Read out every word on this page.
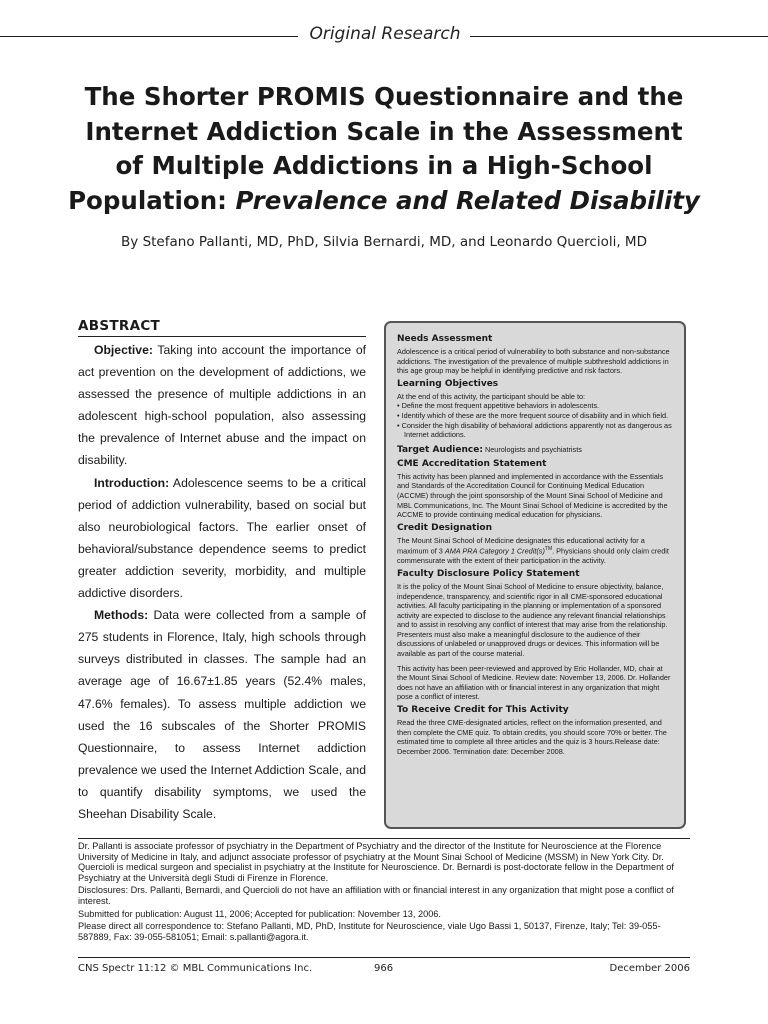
Original Research
The Shorter PROMIS Questionnaire and the
Internet Addiction Scale in the Assessment
of Multiple Addictions in a High-School
Population: Prevalence and Related Disability
By Stefano Pallanti, MD, PhD, Silvia Bernardi, MD, and Leonardo Quercioli, MD
ABSTRACT

Objective: Taking into account the importance of act prevention on the development of addictions, we assessed the presence of multiple addictions in an adolescent high-school population, also assessing the prevalence of Internet abuse and the impact on disability.

Introduction: Adolescence seems to be a critical period of addiction vulnerability, based on social but also neurobiological factors. The earlier onset of behavioral/substance dependence seems to predict greater addiction severity, morbidity, and multiple addictive disorders.

Methods: Data were collected from a sample of 275 students in Florence, Italy, high schools through surveys distributed in classes. The sample had an average age of 16.67±1.85 years (52.4% males, 47.6% females). To assess multiple addiction we used the 16 subscales of the Shorter PROMIS Questionnaire, to assess Internet addiction prevalence we used the Internet Addiction Scale, and to quantify disability symptoms, we used the Sheehan Disability Scale.

Needs Assessment

Adolescence is a critical period of vulnerability to both substance and non-substance addictions. The investigation of the prevalence of multiple subthreshold addictions in this age group may be helpful in identifying predictive and risk factors.

Learning Objectives

At the end of this activity, the participant should be able to:

• Define the most frequent appetitive behaviors in adolescents.
• Identify which of these are the more frequent source of disability and in which field.
• Consider the high disability of behavioral addictions apparently not as dangerous as Internet addictions.
Target Audience: Neurologists and psychiatrists
CME Accreditation Statement

This activity has been planned and implemented in accordance with the Essentials and Standards of the Accreditation Council for Continuing Medical Education (ACCME) through the joint sponsorship of the Mount Sinai School of Medicine and MBL Communications, Inc. The Mount Sinai School of Medicine is accredited by the ACCME to provide continuing medical education for physicians.

Credit Designation

The Mount Sinai School of Medicine designates this educational activity for a maximum of 3 AMA PRA Category 1 Credit(s)™. Physicians should only claim credit commensurate with the extent of their participation in the activity.

Faculty Disclosure Policy Statement

It is the policy of the Mount Sinai School of Medicine to ensure objectivity, balance, independence, transparency, and scientific rigor in all CME-sponsored educational activities. All faculty participating in the planning or implementation of a sponsored activity are expected to disclose to the audience any relevant financial relationships and to assist in resolving any conflict of interest that may arise from the relationship. Presenters must also make a meaningful disclosure to the audience of their discussions of unlabeled or unapproved drugs or devices. This information will be available as part of the course material.

This activity has been peer-reviewed and approved by Eric Hollander, MD, chair at the Mount Sinai School of Medicine. Review date: November 13, 2006. Dr. Hollander does not have an affiliation with or financial interest in any organization that might pose a conflict of interest.

To Receive Credit for This Activity

Read the three CME-designated articles, reflect on the information presented, and then complete the CME quiz. To obtain credits, you should score 70% or better. The estimated time to complete all three articles and the quiz is 3 hours.Release date: December 2006. Termination date: December 2008.

Dr. Pallanti is associate professor of psychiatry in the Department of Psychiatry and the director of the Institute for Neuroscience at the Florence University of Medicine in Italy, and adjunct associate professor of psychiatry at the Mount Sinai School of Medicine (MSSM) in New York City. Dr. Quercioli is medical surgeon and specialist in psychiatry at the Institute for Neuroscience. Dr. Bernardi is post-doctorate fellow in the Department of Psychiatry at the Università degli Studi di Firenze in Florence.

Disclosures: Drs. Pallanti, Bernardi, and Quercioli do not have an affiliation with or financial interest in any organization that might pose a conflict of interest.

Submitted for publication: August 11, 2006; Accepted for publication: November 13, 2006.

Please direct all correspondence to: Stefano Pallanti, MD, PhD, Institute for Neuroscience, viale Ugo Bassi 1, 50137, Firenze, Italy; Tel: 39-055-587889, Fax: 39-055-581051; Email: s.pallanti@agora.it.

CNS Spectr 11:12 © MBL Communications Inc.	966	December 2006
